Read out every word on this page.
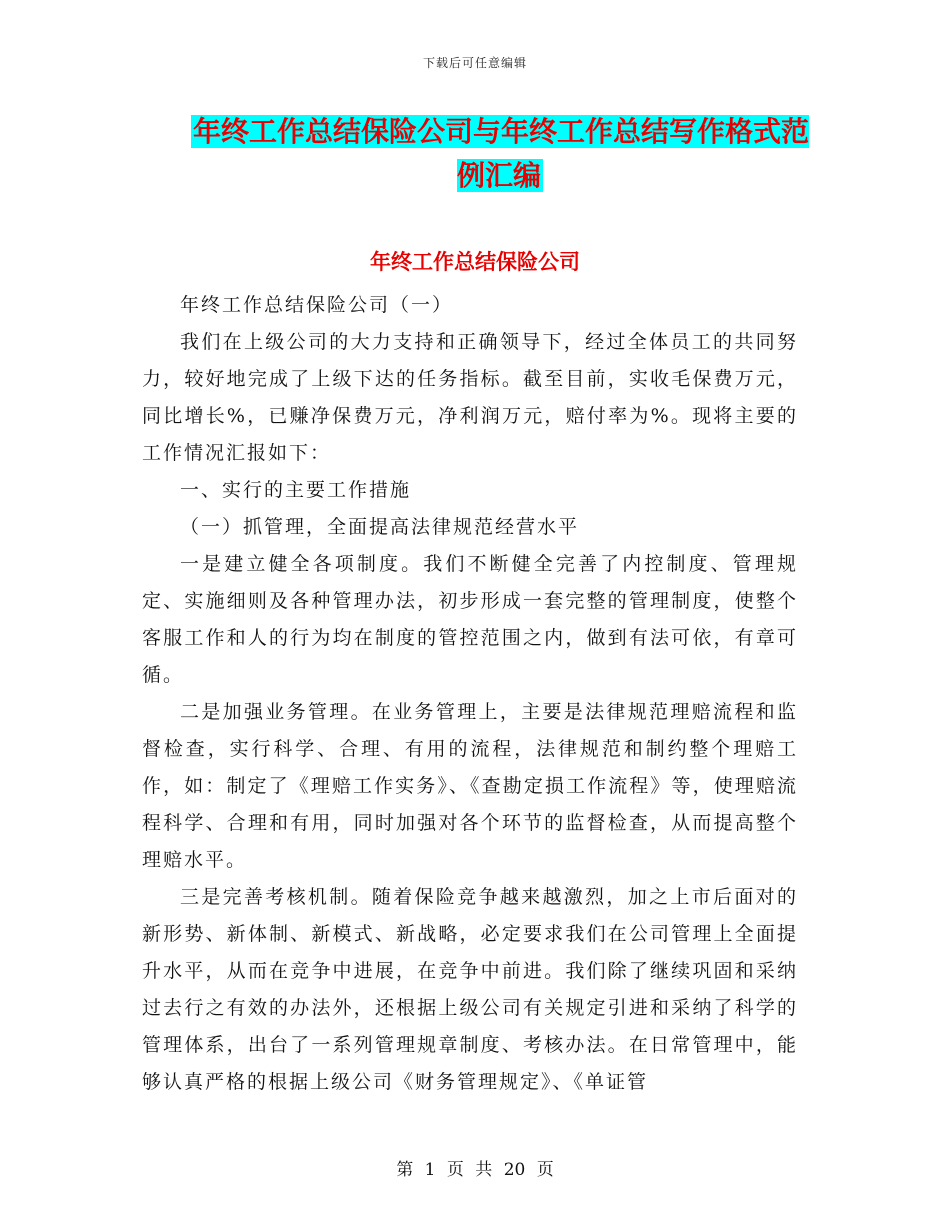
下载后可任意编辑
年终工作总结保险公司与年终工作总结写作格式范例汇编
年终工作总结保险公司

年终工作总结保险公司（一）

我们在上级公司的大力支持和正确领导下，经过全体员工的共同努力，较好地完成了上级下达的任务指标。截至目前，实收毛保费万元，同比增长%，已赚净保费万元，净利润万元，赔付率为%。现将主要的工作情况汇报如下：

一、实行的主要工作措施

（一）抓管理，全面提高法律规范经营水平

一是建立健全各项制度。我们不断健全完善了内控制度、管理规定、实施细则及各种管理办法，初步形成一套完整的管理制度，使整个客服工作和人的行为均在制度的管控范围之内，做到有法可依，有章可循。

二是加强业务管理。在业务管理上，主要是法律规范理赔流程和监督检查，实行科学、合理、有用的流程，法律规范和制约整个理赔工作，如：制定了《理赔工作实务》、《查勘定损工作流程》等，使理赔流程科学、合理和有用，同时加强对各个环节的监督检查，从而提高整个理赔水平。

三是完善考核机制。随着保险竞争越来越激烈，加之上市后面对的新形势、新体制、新模式、新战略，必定要求我们在公司管理上全面提升水平，从而在竞争中进展，在竞争中前进。我们除了继续巩固和采纳过去行之有效的办法外，还根据上级公司有关规定引进和采纳了科学的管理体系，出台了一系列管理规章制度、考核办法。在日常管理中，能够认真严格的根据上级公司《财务管理规定》、《单证管

第 1 页 共 20 页
